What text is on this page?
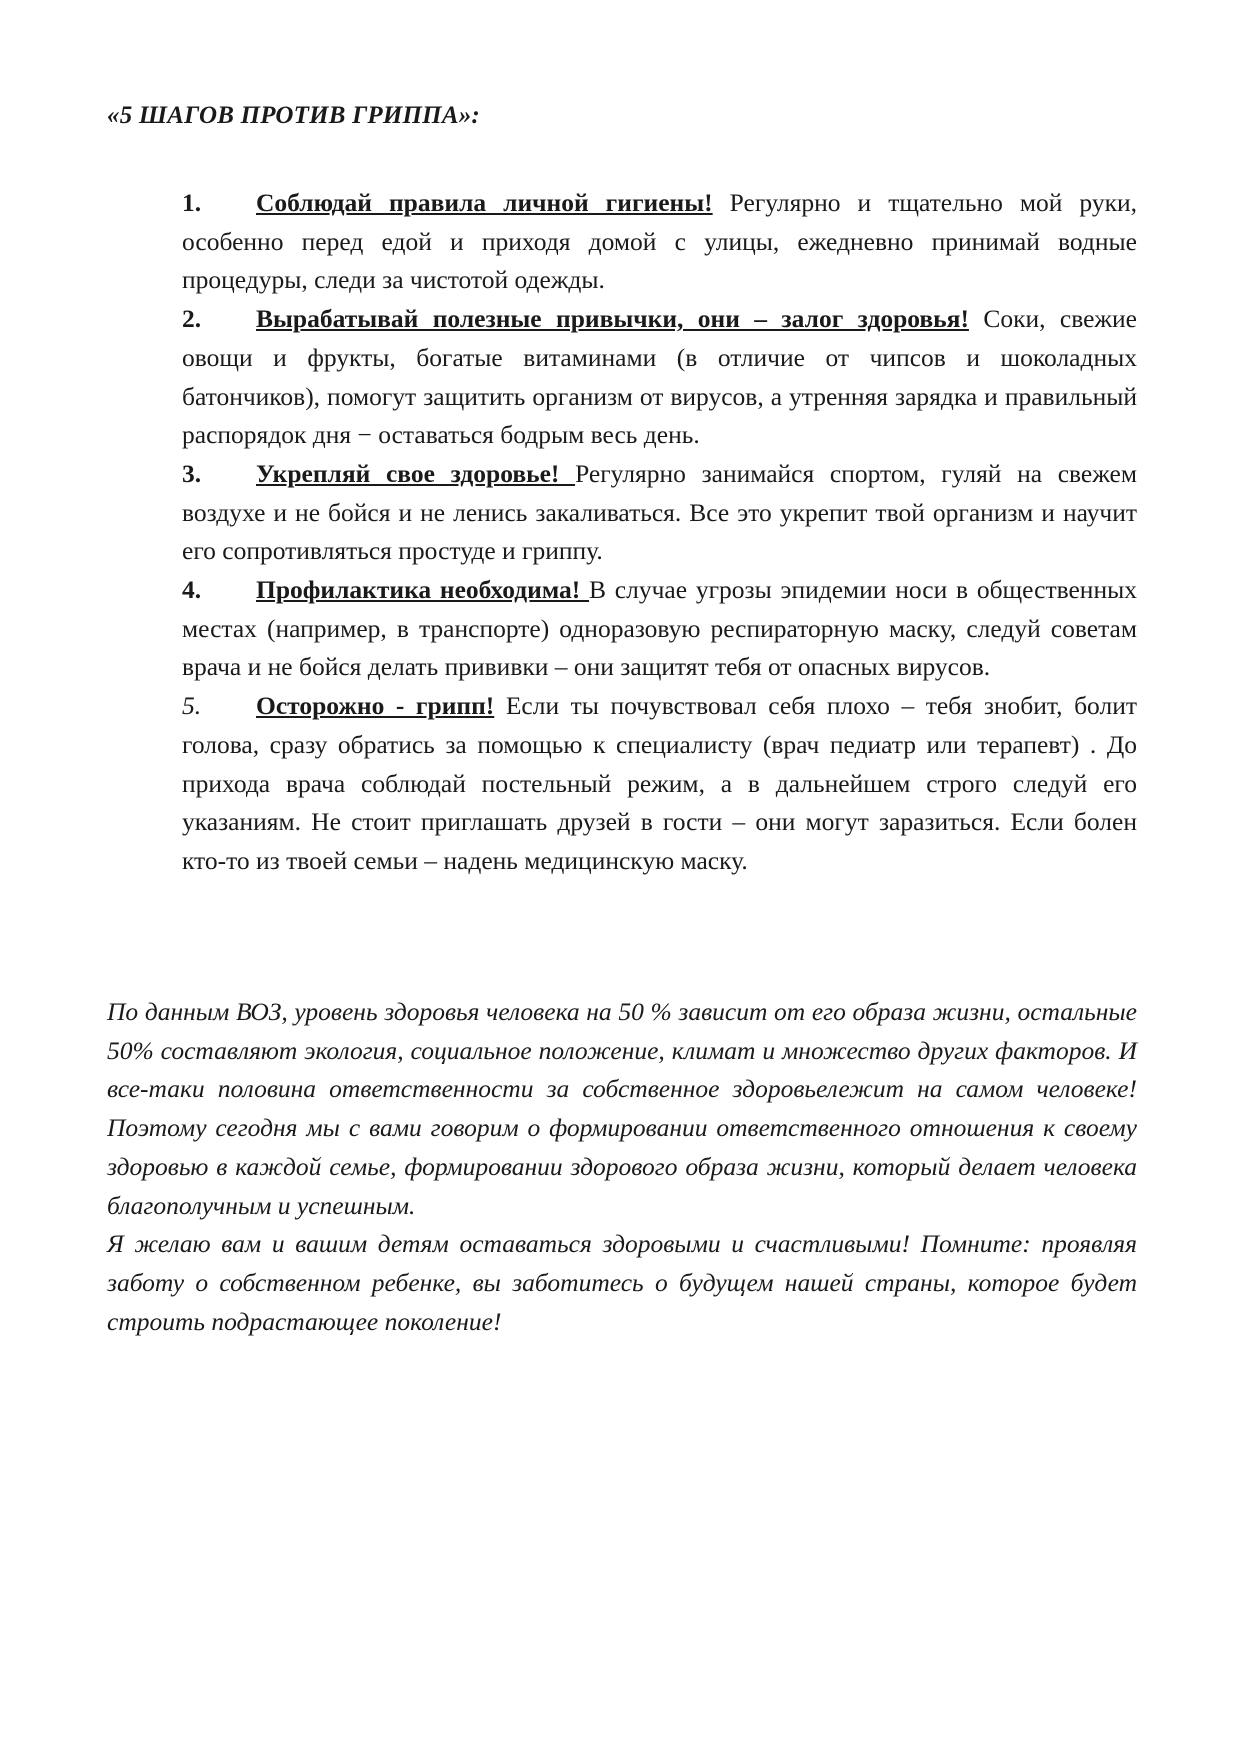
«5 ШАГОВ ПРОТИВ ГРИППА»:

1. Соблюдай правила личной гигиены! Регулярно и тщательно мой руки, особенно перед едой и приходя домой с улицы, ежедневно принимай водные процедуры, следи за чистотой одежды.

2. Вырабатывай полезные привычки, они – залог здоровья! Соки, свежие овощи и фрукты, богатые витаминами (в отличие от чипсов и шоколадных батончиков), помогут защитить организм от вирусов, а утренняя зарядка и правильный распорядок дня − оставаться бодрым весь день.

3. Укрепляй свое здоровье! Регулярно занимайся спортом, гуляй на свежем воздухе и не бойся и не ленись закаливаться. Все это укрепит твой организм и научит его сопротивляться простуде и гриппу.

4. Профилактика необходима! В случае угрозы эпидемии носи в общественных местах (например, в транспорте) одноразовую респираторную маску, следуй советам врача и не бойся делать прививки – они защитят тебя от опасных вирусов.

5. Осторожно - грипп! Если ты почувствовал себя плохо – тебя знобит, болит голова, сразу обратись за помощью к специалисту (врач педиатр или терапевт) . До прихода врача соблюдай постельный режим, а в дальнейшем строго следуй его указаниям. Не стоит приглашать друзей в гости – они могут заразиться. Если болен кто-то из твоей семьи – надень медицинскую маску.

По данным ВОЗ, уровень здоровья человека на 50 % зависит от его образа жизни, остальные 50% составляют экология, социальное положение, климат и множество других факторов. И все-таки половина ответственности за собственное здоровьележит на самом человеке! Поэтому сегодня мы с вами говорим о формировании ответственного отношения к своему здоровью в каждой семье, формировании здорового образа жизни, который делает человека благополучным и успешным.

Я желаю вам и вашим детям оставаться здоровыми и счастливыми! Помните: проявляя заботу о собственном ребенке, вы заботитесь о будущем нашей страны, которое будет строить подрастающее поколение!
